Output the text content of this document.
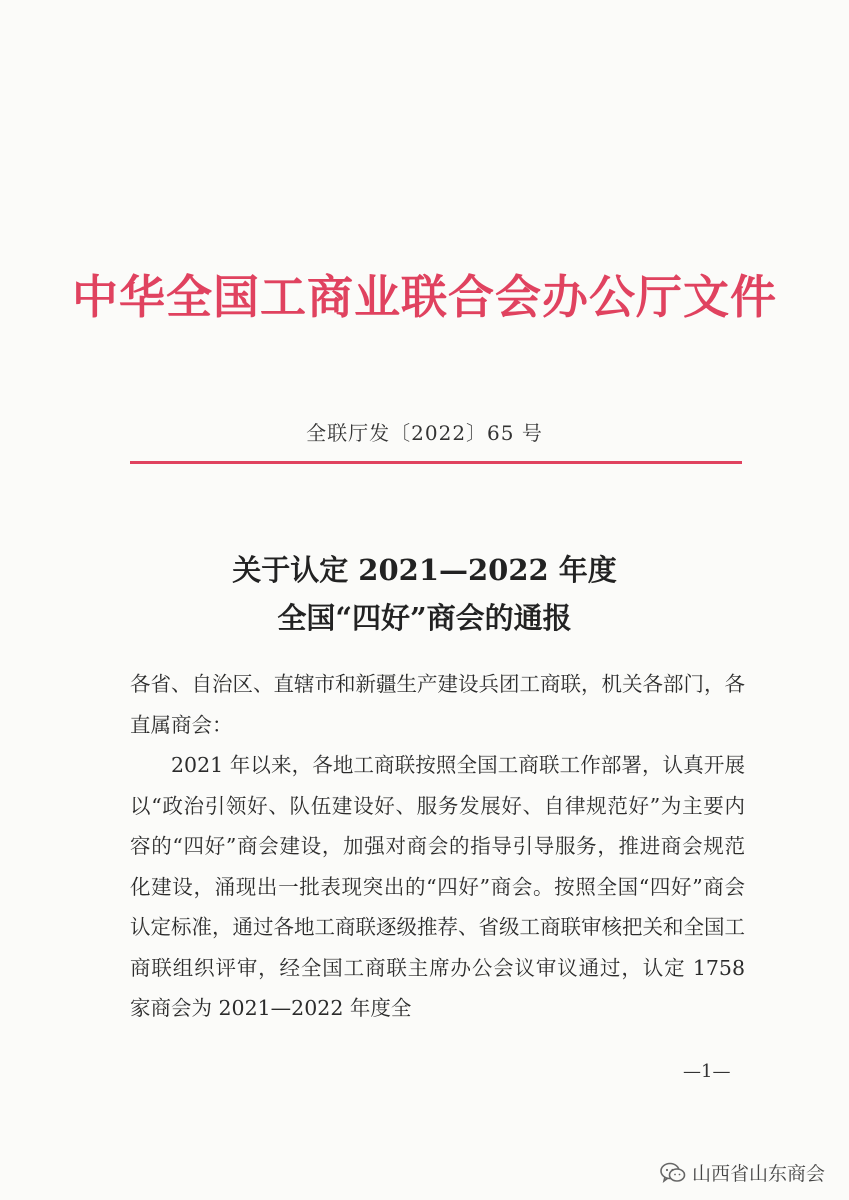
中华全国工商业联合会办公厅文件
全联厅发〔2022〕65 号
关于认定 2021—2022 年度
全国“四好”商会的通报

各省、自治区、直辖市和新疆生产建设兵团工商联，机关各部门，各直属商会：

2021 年以来，各地工商联按照全国工商联工作部署，认真开展以“政治引领好、队伍建设好、服务发展好、自律规范好”为主要内容的“四好”商会建设，加强对商会的指导引导服务，推进商会规范化建设，涌现出一批表现突出的“四好”商会。按照全国“四好”商会认定标准，通过各地工商联逐级推荐、省级工商联审核把关和全国工商联组织评审，经全国工商联主席办公会议审议通过，认定 1758 家商会为 2021—2022 年度全

—1—
山西省山东商会
